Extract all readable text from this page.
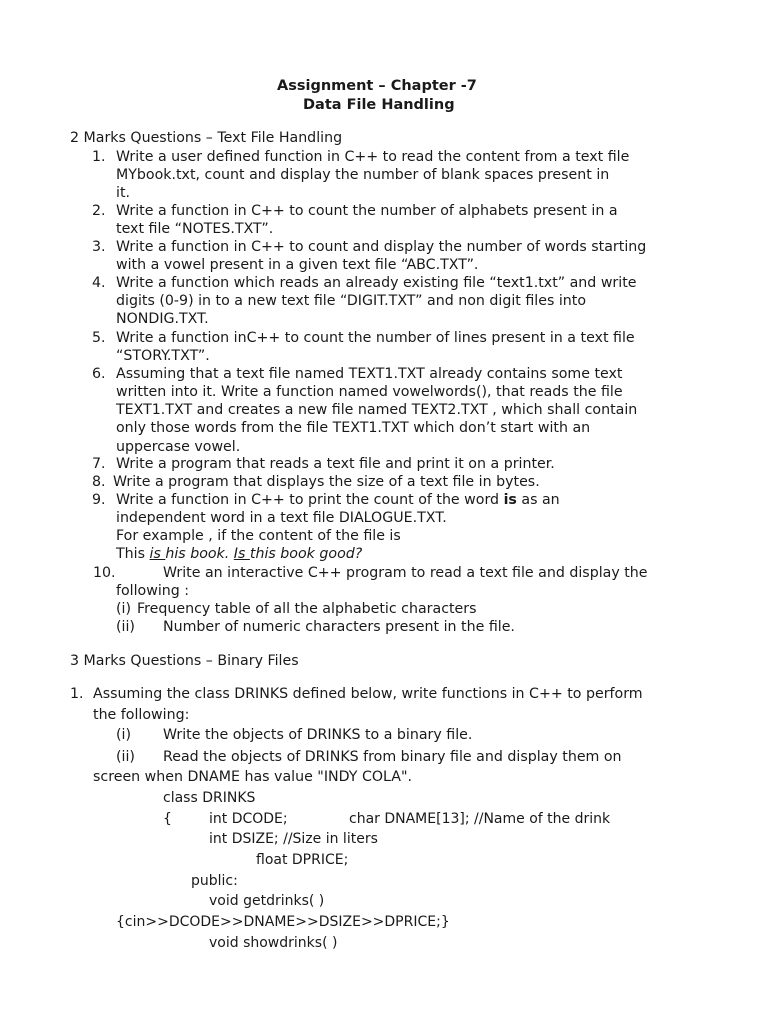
Assignment – Chapter -7
Data File Handling
2 Marks Questions – Text File Handling
1. Write a user defined function in C++ to read the content from a text file
MYbook.txt, count and display the number of blank spaces present in
it.
2. Write a function in C++ to count the number of alphabets present in a
text file “NOTES.TXT”.
3. Write a function in C++ to count and display the number of words starting
with a vowel present in a given text file “ABC.TXT”.
4. Write a function which reads an already existing file “text1.txt” and write
digits (0-9) in to a new text file “DIGIT.TXT” and non digit files into
NONDIG.TXT.
5. Write a function inC++ to count the number of lines present in a text file
“STORY.TXT”.
6. Assuming that a text file named TEXT1.TXT already contains some text
written into it. Write a function named vowelwords(), that reads the file
TEXT1.TXT and creates a new file named TEXT2.TXT , which shall contain
only those words from the file TEXT1.TXT which don’t start with an
uppercase vowel.
7. Write a program that reads a text file and print it on a printer.
8. Write a program that displays the size of a text file in bytes.
9. Write a function in C++ to print the count of the word is as an
independent word in a text file DIALOGUE.TXT.
For example , if the content of the file is
This is his book. Is this book good?
10.	Write an interactive C++ program to read a text file and display the
following :
(i) Frequency table of all the alphabetic characters
(ii) Number of numeric characters present in the file.
3 Marks Questions – Binary Files
1. Assuming the class DRINKS defined below, write functions in C++ to perform
the following:
(i) Write the objects of DRINKS to a binary file.
(ii) Read the objects of DRINKS from binary file and display them on
screen when DNAME has value "INDY COLA".
class DRINKS
{	int DCODE;	char DNAME[13]; //Name of the drink
int DSIZE; //Size in liters
float DPRICE;
public:
void getdrinks( )
{cin>>DCODE>>DNAME>>DSIZE>>DPRICE;}
void showdrinks( )
